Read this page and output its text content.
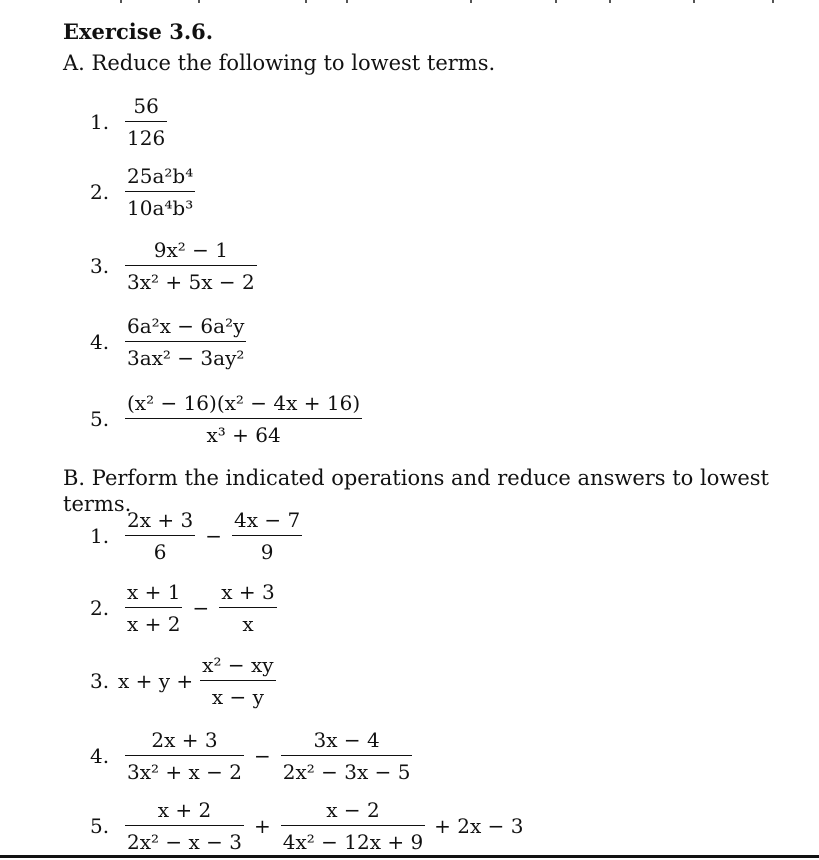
Exercise 3.6.

A. Reduce the following to lowest terms.

1. $\frac{56}{126}$
2. $\frac{\text{25a²b⁴}}{\text{10a⁴b³}}$
3. $\frac{\text{9x² − 1}}{\text{3x² + 5x − 2}}$
4. $\frac{\text{6a²x − 6a²y}}{\text{3ax² − 3ay²}}$
5. $\frac{\text{(x² − 16)(x² − 4x + 16)}}{\text{x³ + 64}}$

B. Perform the indicated operations and reduce answers to lowest terms.

1. $\frac{2x + 3}{6} - \frac{4x - 7}{9}$
2. $\frac{x + 1}{x + 2} - \frac{x + 3}{x}$
3. $x + y + \frac{\text{x² − xy}}{x - y}$
4. $\frac{2x + 3}{\text{3x² + x − 2}} - \frac{3x - 4}{\text{2x² − 3x − 5}}$
5. $\frac{x + 2}{\text{2x² − x − 3}} + \frac{x - 2}{\text{4x² − 12x + 9}} + 2x - 3$
